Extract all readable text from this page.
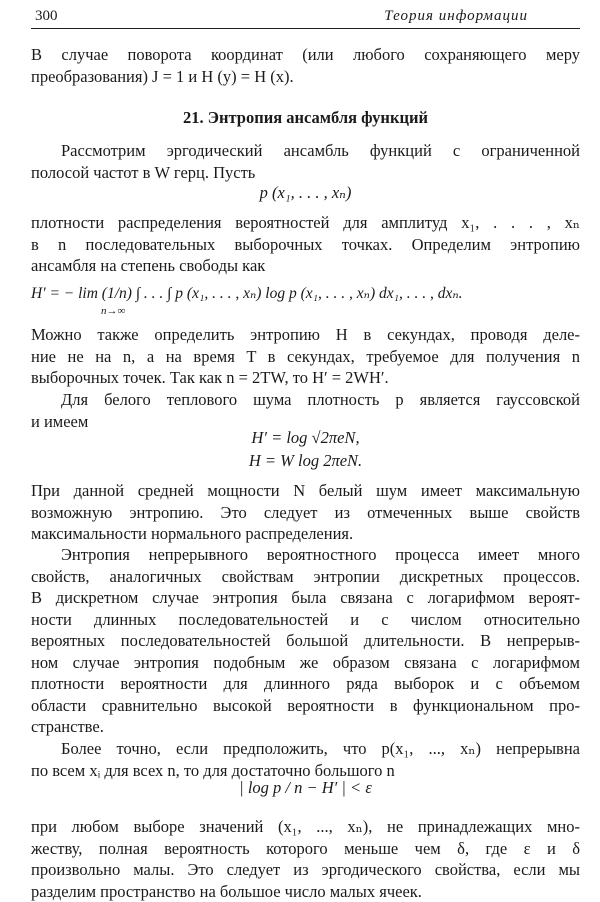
300	Теория информации
В случае поворота координат (или любого сохраняющего меру
преобразования) J = 1 и H (y) = H (x).
21. Энтропия ансамбля функций
Рассмотрим эргодический ансамбль функций с ограниченной
полосой частот в W герц. Пусть
p (x₁, . . . , xₙ)
плотности распределения вероятностей для амплитуд x₁, . . . , xₙ
в n последовательных выборочных точках. Определим энтропию
ансамбля на степень свободы как
H′ = − lim (1/n) ∫ . . . ∫ p (x₁, . . . , xₙ) log p (x₁, . . . , xₙ) dx₁, . . . , dxₙ.
n→∞
Можно также определить энтропию H в секундах, проводя деле-
ние не на n, а на время T в секундах, требуемое для получения n
выборочных точек. Так как n = 2TW, то H′ = 2WH′.
Для белого теплового шума плотность p является гауссовской
и имеем
H′ = log √2πeN,
H = W log 2πeN.
При данной средней мощности N белый шум имеет максимальную
возможную энтропию. Это следует из отмеченных выше свойств
максимальности нормального распределения.
Энтропия непрерывного вероятностного процесса имеет много
свойств, аналогичных свойствам энтропии дискретных процессов.
В дискретном случае энтропия была связана с логарифмом вероят-
ности длинных последовательностей и с числом относительно
вероятных последовательностей большой длительности. В непрерыв-
ном случае энтропия подобным же образом связана с логарифмом
плотности вероятности для длинного ряда выборок и с объемом
области сравнительно высокой вероятности в функциональном про-
странстве.
Более точно, если предположить, что p(x₁, ..., xₙ) непрерывна
по всем xᵢ для всех n, то для достаточно большого n
| log p / n − H′ | < ε
при любом выборе значений (x₁, ..., xₙ), не принадлежащих мно-
жеству, полная вероятность которого меньше чем δ, где ε и δ
произвольно малы. Это следует из эргодического свойства, если мы
разделим пространство на большое число малых ячеек.
